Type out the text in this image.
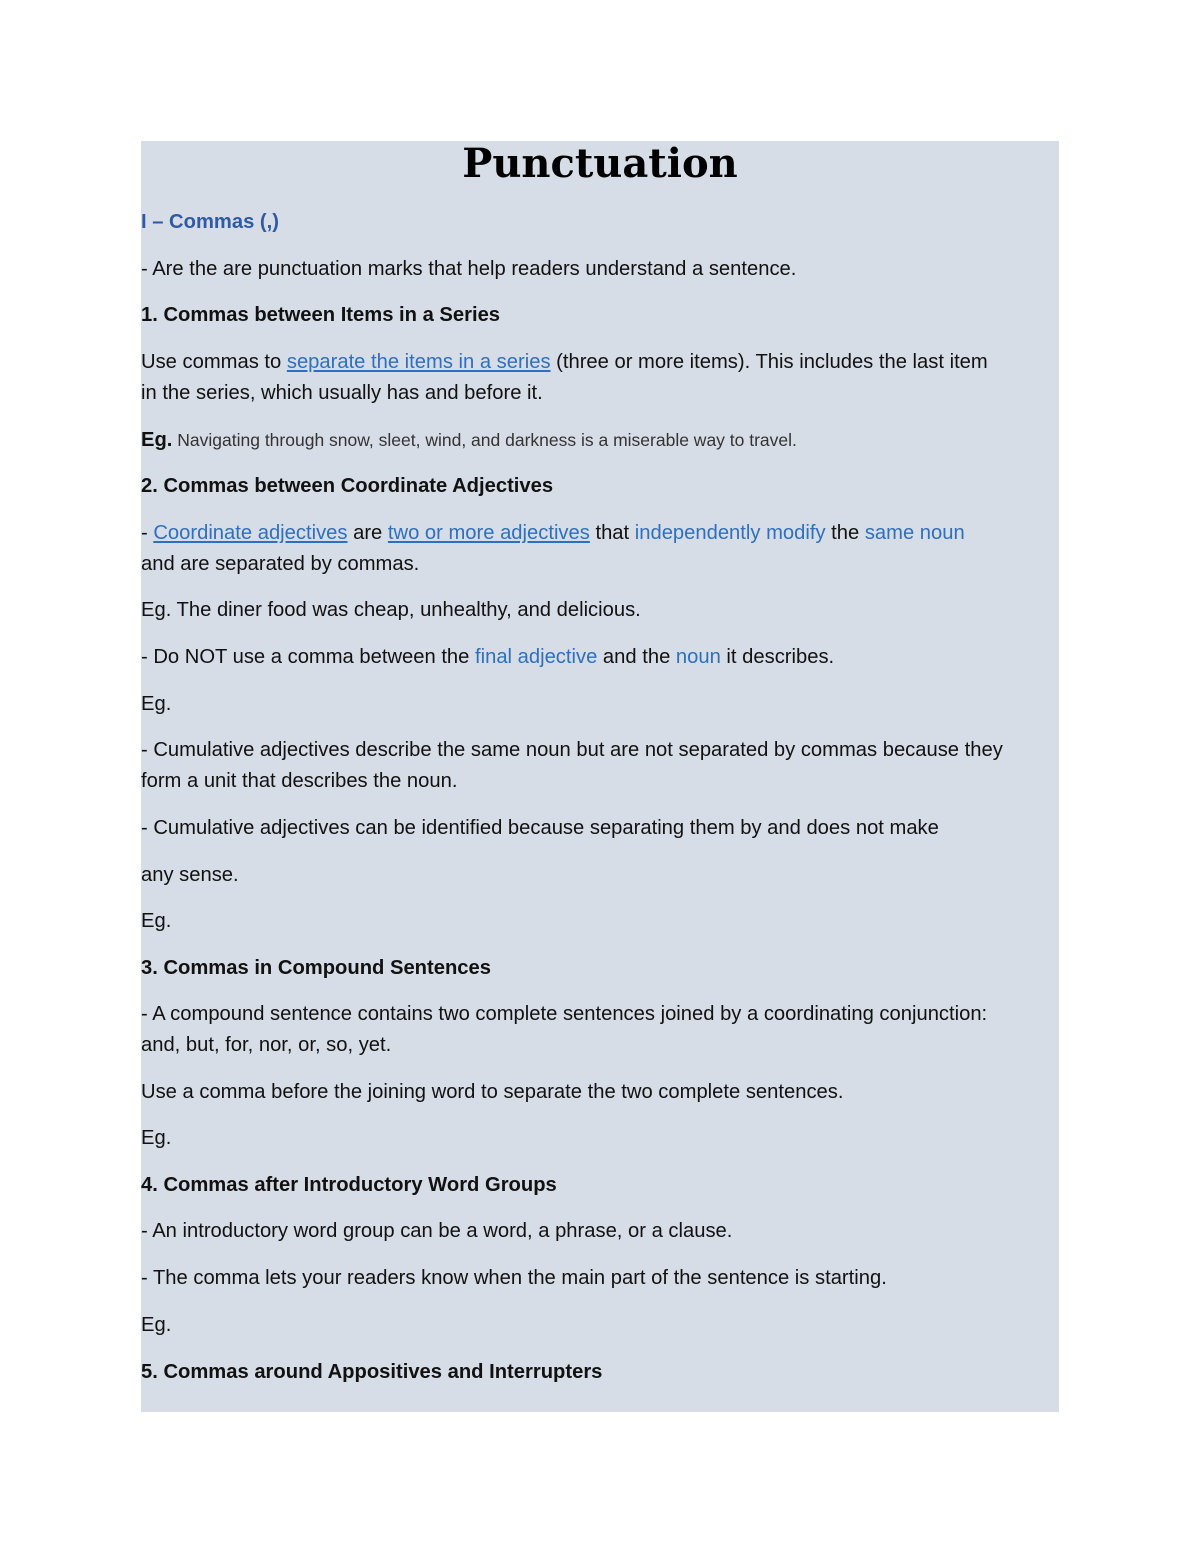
Punctuation

I – Commas (,)

- Are the are punctuation marks that help readers understand a sentence.

1. Commas between Items in a Series

Use commas to separate the items in a series (three or more items). This includes the last item

in the series, which usually has and before it.

Eg. Navigating through snow, sleet, wind, and darkness is a miserable way to travel.

2. Commas between Coordinate Adjectives

- Coordinate adjectives are two or more adjectives that independently modify the same noun

and are separated by commas.

Eg. The diner food was cheap, unhealthy, and delicious.

- Do NOT use a comma between the final adjective and the noun it describes.

Eg.

- Cumulative adjectives describe the same noun but are not separated by commas because they

form a unit that describes the noun.

- Cumulative adjectives can be identified because separating them by and does not make

any sense.

Eg.

3. Commas in Compound Sentences

- A compound sentence contains two complete sentences joined by a coordinating conjunction:

and, but, for, nor, or, so, yet.

Use a comma before the joining word to separate the two complete sentences.

Eg.

4. Commas after Introductory Word Groups

- An introductory word group can be a word, a phrase, or a clause.

- The comma lets your readers know when the main part of the sentence is starting.

Eg.

5. Commas around Appositives and Interrupters
